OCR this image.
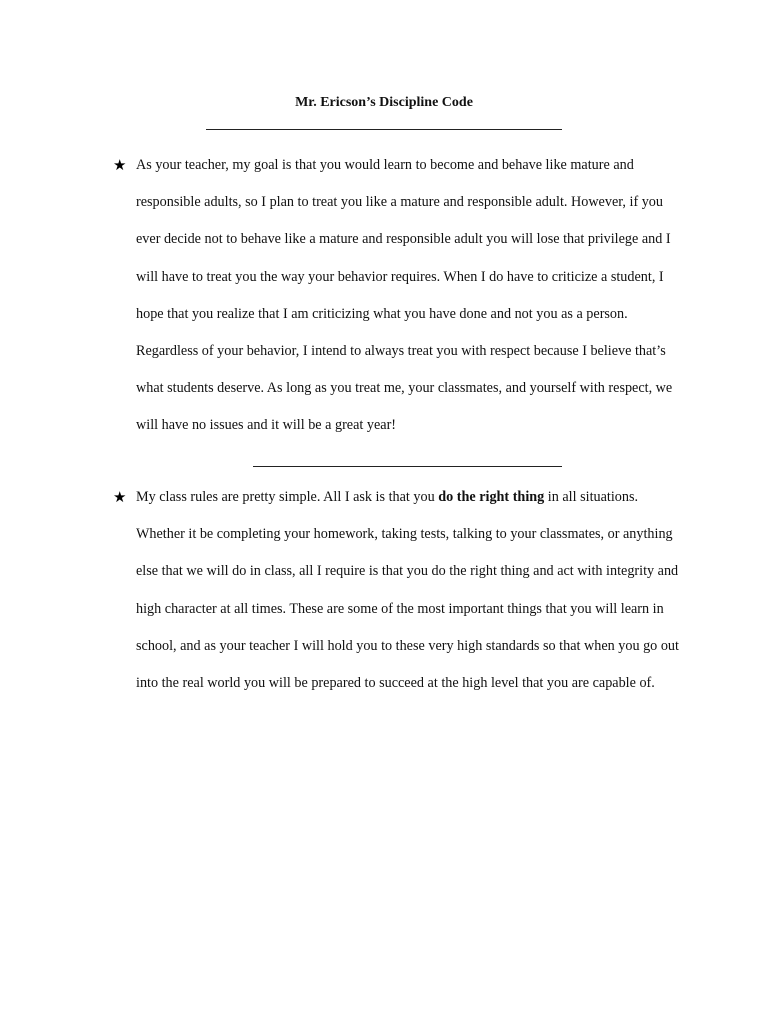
Mr. Ericson’s Discipline Code
★ As your teacher, my goal is that you would learn to become and behave like mature and responsible adults, so I plan to treat you like a mature and responsible adult. However, if you ever decide not to behave like a mature and responsible adult you will lose that privilege and I will have to treat you the way your behavior requires. When I do have to criticize a student, I hope that you realize that I am criticizing what you have done and not you as a person. Regardless of your behavior, I intend to always treat you with respect because I believe that’s what students deserve. As long as you treat me, your classmates, and yourself with respect, we will have no issues and it will be a great year!
★ My class rules are pretty simple. All I ask is that you do the right thing in all situations. Whether it be completing your homework, taking tests, talking to your classmates, or anything else that we will do in class, all I require is that you do the right thing and act with integrity and high character at all times. These are some of the most important things that you will learn in school, and as your teacher I will hold you to these very high standards so that when you go out into the real world you will be prepared to succeed at the high level that you are capable of.
